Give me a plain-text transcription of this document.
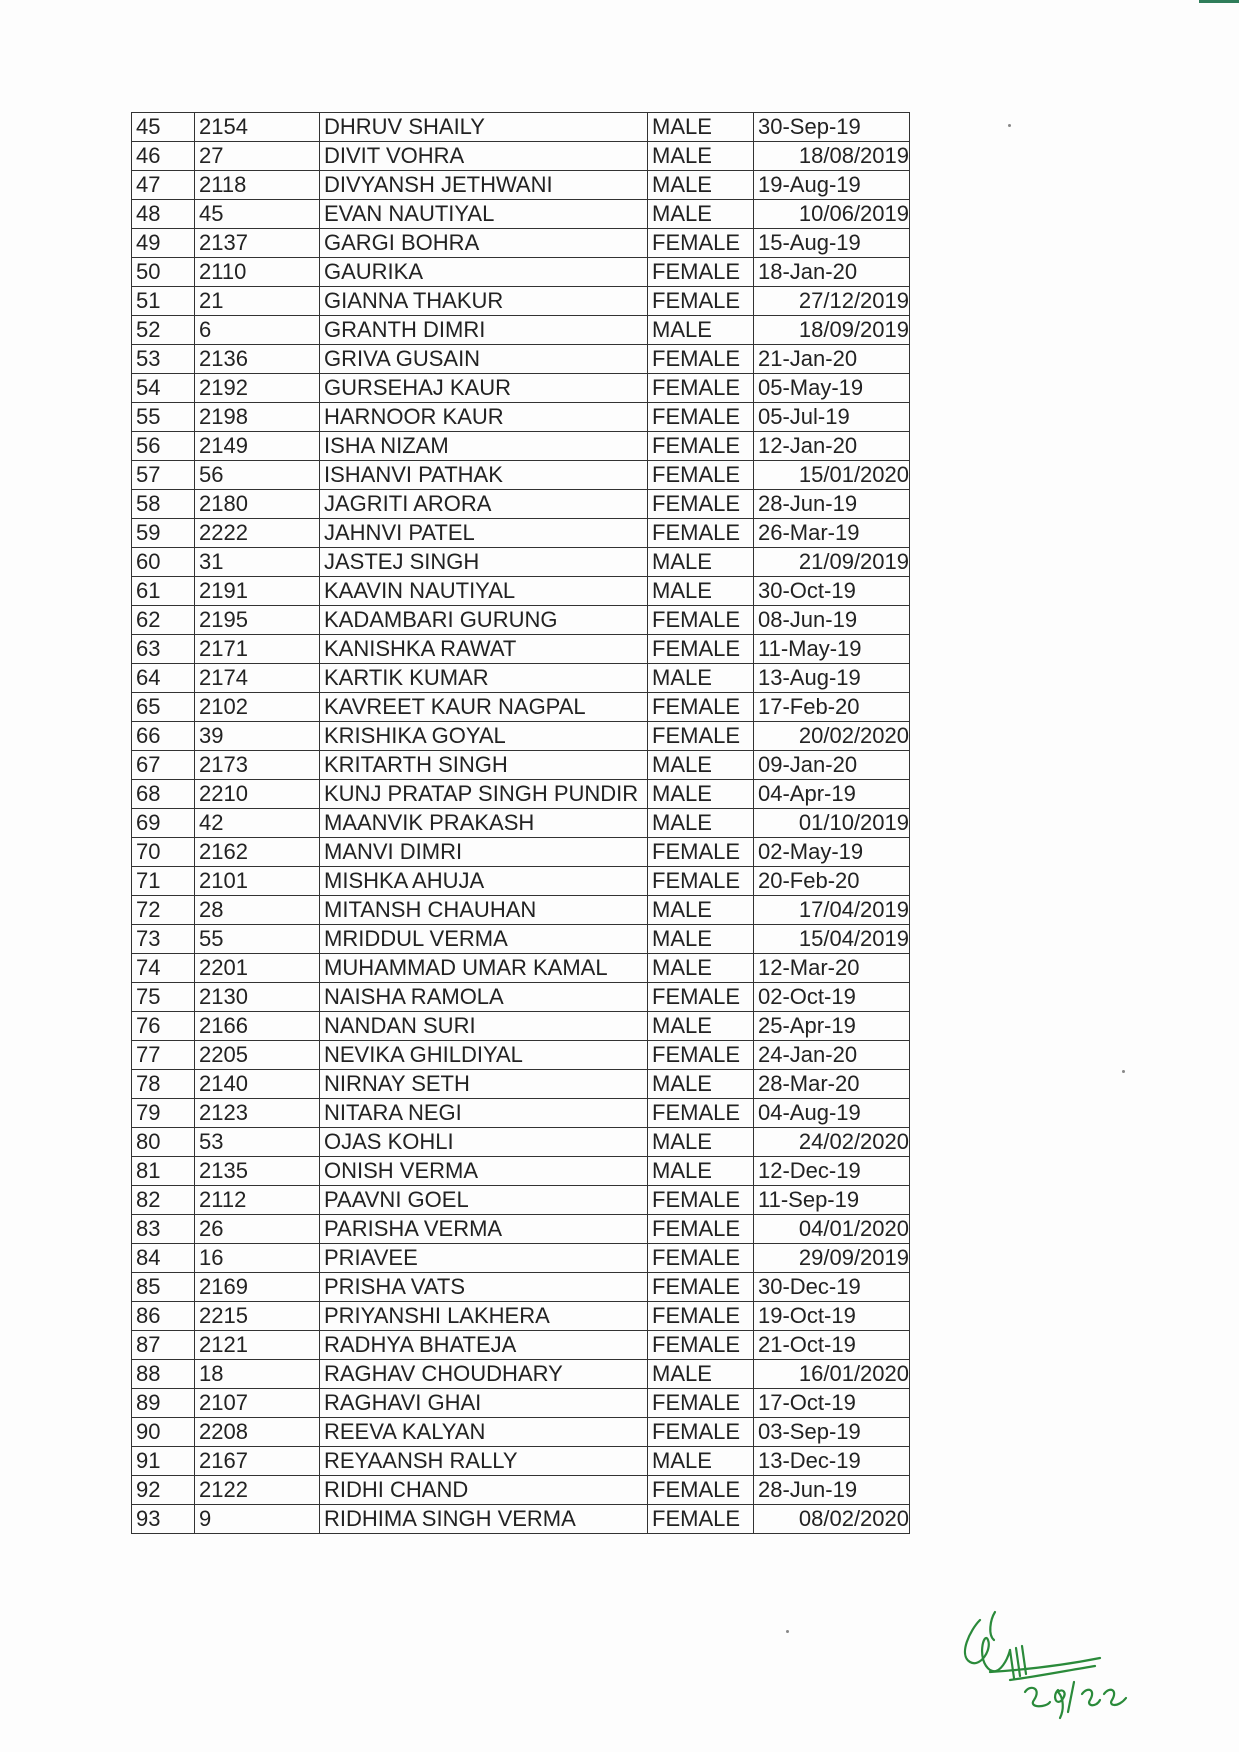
45	2154	DHRUV SHAILY	MALE	30-Sep-19
46	27	DIVIT VOHRA	MALE	18/08/2019
47	2118	DIVYANSH JETHWANI	MALE	19-Aug-19
48	45	EVAN NAUTIYAL	MALE	10/06/2019
49	2137	GARGI BOHRA	FEMALE	15-Aug-19
50	2110	GAURIKA	FEMALE	18-Jan-20
51	21	GIANNA THAKUR	FEMALE	27/12/2019
52	6	GRANTH DIMRI	MALE	18/09/2019
53	2136	GRIVA GUSAIN	FEMALE	21-Jan-20
54	2192	GURSEHAJ KAUR	FEMALE	05-May-19
55	2198	HARNOOR KAUR	FEMALE	05-Jul-19
56	2149	ISHA NIZAM	FEMALE	12-Jan-20
57	56	ISHANVI PATHAK	FEMALE	15/01/2020
58	2180	JAGRITI ARORA	FEMALE	28-Jun-19
59	2222	JAHNVI PATEL	FEMALE	26-Mar-19
60	31	JASTEJ SINGH	MALE	21/09/2019
61	2191	KAAVIN NAUTIYAL	MALE	30-Oct-19
62	2195	KADAMBARI GURUNG	FEMALE	08-Jun-19
63	2171	KANISHKA RAWAT	FEMALE	11-May-19
64	2174	KARTIK KUMAR	MALE	13-Aug-19
65	2102	KAVREET KAUR NAGPAL	FEMALE	17-Feb-20
66	39	KRISHIKA GOYAL	FEMALE	20/02/2020
67	2173	KRITARTH SINGH	MALE	09-Jan-20
68	2210	KUNJ PRATAP SINGH PUNDIR	MALE	04-Apr-19
69	42	MAANVIK PRAKASH	MALE	01/10/2019
70	2162	MANVI DIMRI	FEMALE	02-May-19
71	2101	MISHKA AHUJA	FEMALE	20-Feb-20
72	28	MITANSH CHAUHAN	MALE	17/04/2019
73	55	MRIDDUL VERMA	MALE	15/04/2019
74	2201	MUHAMMAD UMAR KAMAL	MALE	12-Mar-20
75	2130	NAISHA RAMOLA	FEMALE	02-Oct-19
76	2166	NANDAN SURI	MALE	25-Apr-19
77	2205	NEVIKA GHILDIYAL	FEMALE	24-Jan-20
78	2140	NIRNAY SETH	MALE	28-Mar-20
79	2123	NITARA NEGI	FEMALE	04-Aug-19
80	53	OJAS KOHLI	MALE	24/02/2020
81	2135	ONISH VERMA	MALE	12-Dec-19
82	2112	PAAVNI GOEL	FEMALE	11-Sep-19
83	26	PARISHA VERMA	FEMALE	04/01/2020
84	16	PRIAVEE	FEMALE	29/09/2019
85	2169	PRISHA VATS	FEMALE	30-Dec-19
86	2215	PRIYANSHI LAKHERA	FEMALE	19-Oct-19
87	2121	RADHYA BHATEJA	FEMALE	21-Oct-19
88	18	RAGHAV CHOUDHARY	MALE	16/01/2020
89	2107	RAGHAVI GHAI	FEMALE	17-Oct-19
90	2208	REEVA KALYAN	FEMALE	03-Sep-19
91	2167	REYAANSH RALLY	MALE	13-Dec-19
92	2122	RIDHI CHAND	FEMALE	28-Jun-19
93	9	RIDHIMA SINGH VERMA	FEMALE	08/02/2020
